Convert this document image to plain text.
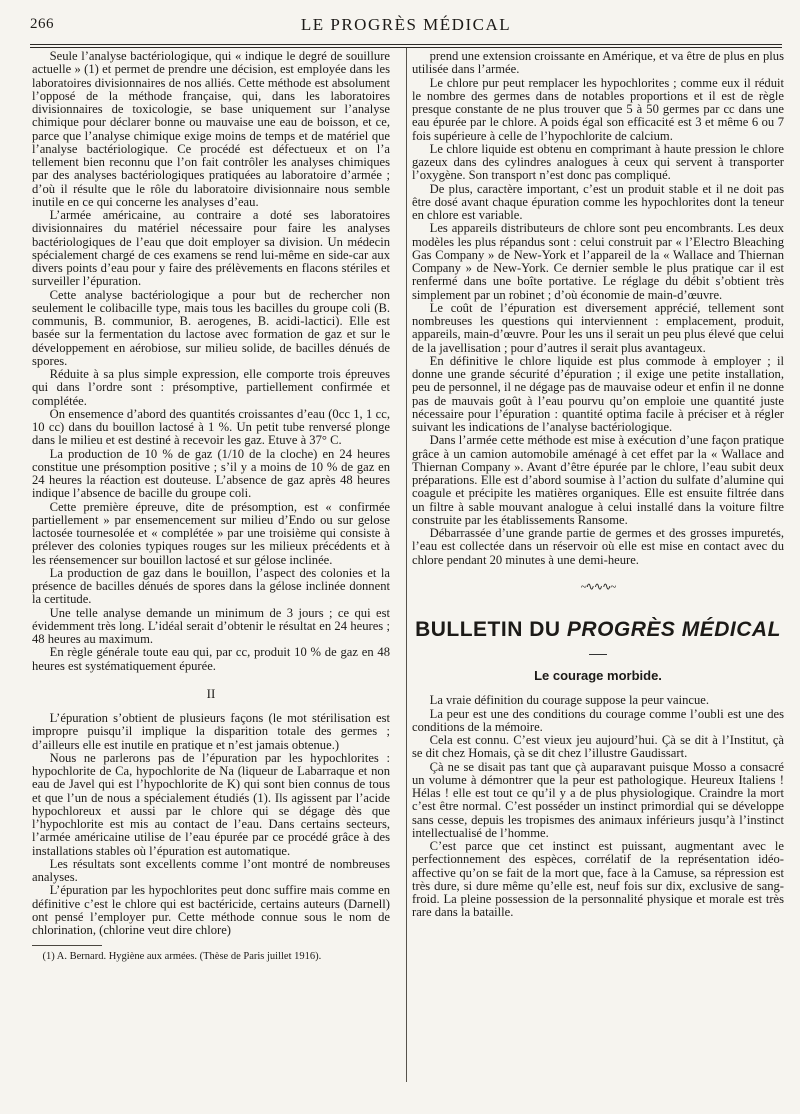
266	LE PROGRÈS MÉDICAL

Seule l’analyse bactériologique, qui « indique le degré de souillure actuelle » (1) et permet de prendre une décision, est employée dans les laboratoires divisionnaires de nos alliés. Cette méthode est absolument l’opposé de la méthode française, qui, dans les laboratoires divisionnaires de toxicologie, se base uniquement sur l’analyse chimique pour déclarer bonne ou mauvaise une eau de boisson, et ce, parce que l’analyse chimique exige moins de temps et de matériel que l’analyse bactériologique. Ce procédé est défectueux et on l’a tellement bien reconnu que l’on fait contrôler les analyses chimiques par des analyses bactériologiques pratiquées au laboratoire d’armée ; d’où il résulte que le rôle du laboratoire divisionnaire nous semble inutile en ce qui concerne les analyses d’eau.

L’armée américaine, au contraire a doté ses laboratoires divisionnaires du matériel nécessaire pour faire les analyses bactériologiques de l’eau que doit employer sa division. Un médecin spécialement chargé de ces examens se rend lui-même en side-car aux divers points d’eau pour y faire des prélèvements en flacons stériles et surveiller l’épuration.

Cette analyse bactériologique a pour but de rechercher non seulement le colibacille type, mais tous les bacilles du groupe coli (B. communis, B. communior, B. aerogenes, B. acidi-lactici). Elle est basée sur la fermentation du lactose avec formation de gaz et sur le développement en aérobiose, sur milieu solide, de bacilles dénués de spores.

Réduite à sa plus simple expression, elle comporte trois épreuves qui dans l’ordre sont : présomptive, partiellement confirmée et complétée.

On ensemence d’abord des quantités croissantes d’eau (0cc 1, 1 cc, 10 cc) dans du bouillon lactosé à 1 %. Un petit tube renversé plonge dans le milieu et est destiné à recevoir les gaz. Etuve à 37° C.

La production de 10 % de gaz (1/10 de la cloche) en 24 heures constitue une présomption positive ; s’il y a moins de 10 % de gaz en 24 heures la réaction est douteuse. L’absence de gaz après 48 heures indique l’absence de bacille du groupe coli.

Cette première épreuve, dite de présomption, est « confirmée partiellement » par ensemencement sur milieu d’Endo ou sur gelose lactosée tournesolée et « complétée » par une troisième qui consiste à prélever des colonies typiques rouges sur les milieux précédents et à les réensemencer sur bouillon lactosé et sur gélose inclinée.

La production de gaz dans le bouillon, l’aspect des colonies et la présence de bacilles dénués de spores dans la gélose inclinée donnent la certitude.

Une telle analyse demande un minimum de 3 jours ; ce qui est évidemment très long. L’idéal serait d’obtenir le résultat en 24 heures ; 48 heures au maximum.

En règle générale toute eau qui, par cc, produit 10 % de gaz en 48 heures est systématiquement épurée.

II

L’épuration s’obtient de plusieurs façons (le mot stérilisation est impropre puisqu’il implique la disparition totale des germes ; d’ailleurs elle est inutile en pratique et n’est jamais obtenue.)

Nous ne parlerons pas de l’épuration par les hypochlorites : hypochlorite de Ca, hypochlorite de Na (liqueur de Labarraque et non eau de Javel qui est l’hypochlorite de K) qui sont bien connus de tous et que l’un de nous a spécialement étudiés (1). Ils agissent par l’acide hypochloreux et aussi par le chlore qui se dégage dès que l’hypochlorite est mis au contact de l’eau. Dans certains secteurs, l’armée américaine utilise de l’eau épurée par ce procédé grâce à des installations stables où l’épuration est automatique.

Les résultats sont excellents comme l’ont montré de nombreuses analyses.

L’épuration par les hypochlorites peut donc suffire mais comme en définitive c’est le chlore qui est bactéricide, certains auteurs (Darnell) ont pensé l’employer pur. Cette méthode connue sous le nom de chlorination, (chlorine veut dire chlore)

(1) A. Bernard. Hygiène aux armées. (Thèse de Paris juillet 1916).

prend une extension croissante en Amérique, et va être de plus en plus utilisée dans l’armée.

Le chlore pur peut remplacer les hypochlorites ; comme eux il réduit le nombre des germes dans de notables proportions et il est de règle presque constante de ne plus trouver que 5 à 50 germes par cc dans une eau épurée par le chlore. A poids égal son efficacité est 3 et même 6 ou 7 fois supérieure à celle de l’hypochlorite de calcium.

Le chlore liquide est obtenu en comprimant à haute pression le chlore gazeux dans des cylindres analogues à ceux qui servent à transporter l’oxygène. Son transport n’est donc pas compliqué.

De plus, caractère important, c’est un produit stable et il ne doit pas être dosé avant chaque épuration comme les hypochlorites dont la teneur en chlore est variable.

Les appareils distributeurs de chlore sont peu encombrants. Les deux modèles les plus répandus sont : celui construit par « l’Electro Bleaching Gas Company » de New-York et l’appareil de la « Wallace and Thiernan Company » de New-York. Ce dernier semble le plus pratique car il est renfermé dans une boîte portative. Le réglage du débit s’obtient très simplement par un robinet ; d’où économie de main-d’œuvre.

Le coût de l’épuration est diversement apprécié, tellement sont nombreuses les questions qui interviennent : emplacement, produit, appareils, main-d’œuvre. Pour les uns il serait un peu plus élevé que celui de la javellisation ; pour d’autres il serait plus avantageux.

En définitive le chlore liquide est plus commode à employer ; il donne une grande sécurité d’épuration ; il exige une petite installation, peu de personnel, il ne dégage pas de mauvaise odeur et enfin il ne donne pas de mauvais goût à l’eau pourvu qu’on emploie une quantité juste nécessaire pour l’épuration : quantité optima facile à préciser et à régler suivant les indications de l’analyse bactériologique.

Dans l’armée cette méthode est mise à exécution d’une façon pratique grâce à un camion automobile aménagé à cet effet par la « Wallace and Thiernan Company ». Avant d’être épurée par le chlore, l’eau subit deux préparations. Elle est d’abord soumise à l’action du sulfate d’alumine qui coagule et précipite les matières organiques. Elle est ensuite filtrée dans un filtre à sable mouvant analogue à celui installé dans la voiture filtre construite par les établissements Ransome.

Débarrassée d’une grande partie de germes et des grosses impuretés, l’eau est collectée dans un réservoir où elle est mise en contact avec du chlore pendant 20 minutes à une demi-heure.

~∿∿∿~
BULLETIN DU PROGRÈS MÉDICAL
Le courage morbide.

La vraie définition du courage suppose la peur vaincue.

La peur est une des conditions du courage comme l’oubli est une des conditions de la mémoire.

Cela est connu. C’est vieux jeu aujourd’hui. Çà se dit à l’Institut, çà se dit chez Homais, çà se dit chez l’illustre Gaudissart.

Çà ne se disait pas tant que çà auparavant puisque Mosso a consacré un volume à démontrer que la peur est pathologique. Heureux Italiens ! Hélas ! elle est tout ce qu’il y a de plus physiologique. Craindre la mort c’est être normal. C’est posséder un instinct primordial qui se développe sans cesse, depuis les tropismes des animaux inférieurs jusqu’à l’instinct intellectualisé de l’homme.

C’est parce que cet instinct est puissant, augmentant avec le perfectionnement des espèces, corrélatif de la représentation idéo-affective qu’on se fait de la mort que, face à la Camuse, sa répression est très dure, si dure même qu’elle est, neuf fois sur dix, exclusive de sang-froid. La pleine possession de la personnalité physique et morale est très rare dans la bataille.
